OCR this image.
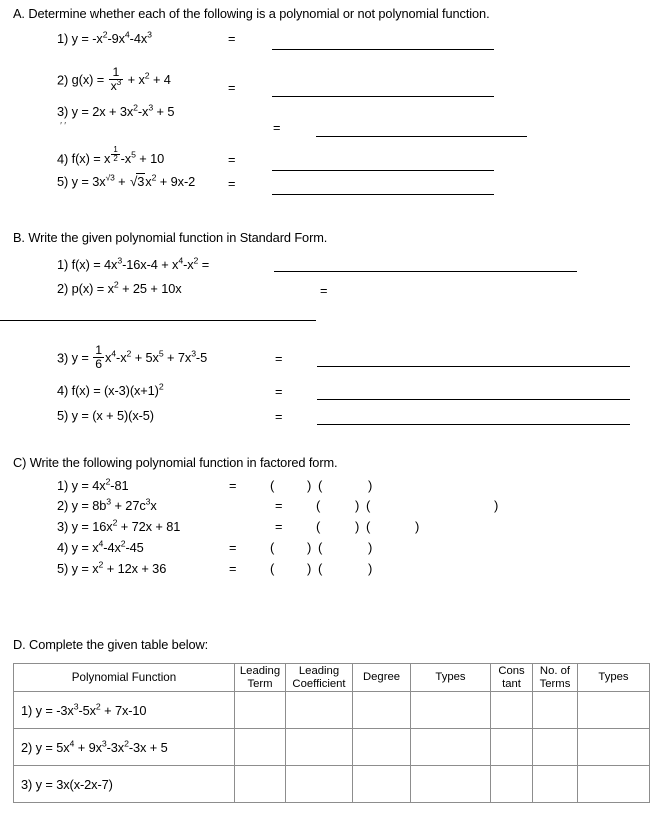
A. Determine whether each of the following is a polynomial or not polynomial function.
1) $y = -x^2-9x^4-4x^3$	=
2) $g(x) = \frac{1}{x^3} + x^2 + 4$
=
3) $y = 2x + 3x^2-x^3 + 5$
′′	=
4) f(x) = x $\frac{1}{2} -x^5 + 10$	=
5) $y = 3x^{√3} + √3x^2 + 9x-2$	=
B. Write the given polynomial function in Standard Form.
1) $f(x) = 4x^3-16x-4 + x^4-x^2$ =
2) $p(x) = x^2 + 25 + 10x$	=
3) $y = \frac{1}{6} x^4-x^2 + 5x^5 + 7x^3-5$	=
4) $f(x) = (x-3)(x+1)^2$	=
5) y = (x + 5)(x-5)	=
C) Write the following polynomial function in factored form.
1) $y = 4x^2-81$	=	(	) (	)
2) $y = 8b^3 + 27c^3x$	=	(	) (	)
3) $y = 16x^2 + 72x + 81$	=	(	) (	)
4) $y = x^4-4x^2-45$	=	(	) (	)
5) $y = x^2 + 12x + 36$	=	(	) (	)
D. Complete the given table below:
Polynomial Function	Leading Term	Leading Coefficient	Degree	Types	Cons tant	No. of Terms	Types
1) $y = -3x^3-5x^2 + 7x-10$							
2) $y = 5x^4 + 9x^3-3x^2-3x + 5$							
3) y = 3x(x-2x-7)							
